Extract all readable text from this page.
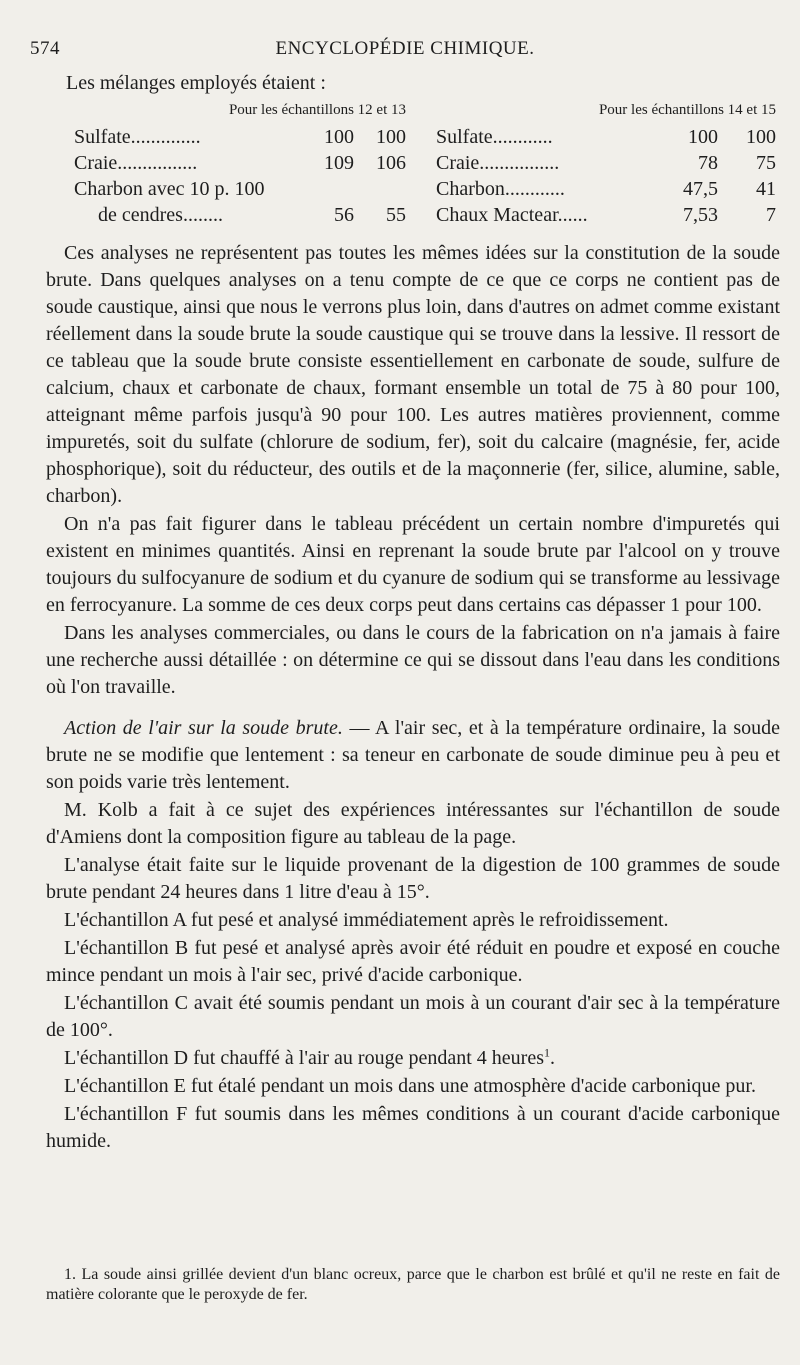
574	ENCYCLOPÉDIE CHIMIQUE.
Les mélanges employés étaient :
Pour les échantillons 12 et 13
Sulfate..............	100 100
Craie................	109 106
Charbon avec 10 p. 100
de cendres........	56 55
Pour les échantillons 14 et 15
Sulfate............	100 100
Craie................	78 75
Charbon............	47,5 41
Chaux Mactear......	7,53 7

Ces analyses ne représentent pas toutes les mêmes idées sur la constitution de la soude brute. Dans quelques analyses on a tenu compte de ce que ce corps ne contient pas de soude caustique, ainsi que nous le verrons plus loin, dans d'autres on admet comme existant réellement dans la soude brute la soude caustique qui se trouve dans la lessive. Il ressort de ce tableau que la soude brute consiste essentiellement en carbonate de soude, sulfure de calcium, chaux et carbonate de chaux, formant ensemble un total de 75 à 80 pour 100, atteignant même parfois jusqu'à 90 pour 100. Les autres matières proviennent, comme impuretés, soit du sulfate (chlorure de sodium, fer), soit du calcaire (magnésie, fer, acide phosphorique), soit du réducteur, des outils et de la maçonnerie (fer, silice, alumine, sable, charbon).

On n'a pas fait figurer dans le tableau précédent un certain nombre d'impuretés qui existent en minimes quantités. Ainsi en reprenant la soude brute par l'alcool on y trouve toujours du sulfocyanure de sodium et du cyanure de sodium qui se transforme au lessivage en ferrocyanure. La somme de ces deux corps peut dans certains cas dépasser 1 pour 100.

Dans les analyses commerciales, ou dans le cours de la fabrication on n'a jamais à faire une recherche aussi détaillée : on détermine ce qui se dissout dans l'eau dans les conditions où l'on travaille.

Action de l'air sur la soude brute. — A l'air sec, et à la température ordinaire, la soude brute ne se modifie que lentement : sa teneur en carbonate de soude diminue peu à peu et son poids varie très lentement.

M. Kolb a fait à ce sujet des expériences intéressantes sur l'échantillon de soude d'Amiens dont la composition figure au tableau de la page.

L'analyse était faite sur le liquide provenant de la digestion de 100 grammes de soude brute pendant 24 heures dans 1 litre d'eau à 15°.

L'échantillon A fut pesé et analysé immédiatement après le refroidissement.

L'échantillon B fut pesé et analysé après avoir été réduit en poudre et exposé en couche mince pendant un mois à l'air sec, privé d'acide carbonique.

L'échantillon C avait été soumis pendant un mois à un courant d'air sec à la température de 100°.

L'échantillon D fut chauffé à l'air au rouge pendant 4 heures$^1$.

L'échantillon E fut étalé pendant un mois dans une atmosphère d'acide carbonique pur.

L'échantillon F fut soumis dans les mêmes conditions à un courant d'acide carbonique humide.

1. La soude ainsi grillée devient d'un blanc ocreux, parce que le charbon est brûlé et qu'il ne reste en fait de matière colorante que le peroxyde de fer.
